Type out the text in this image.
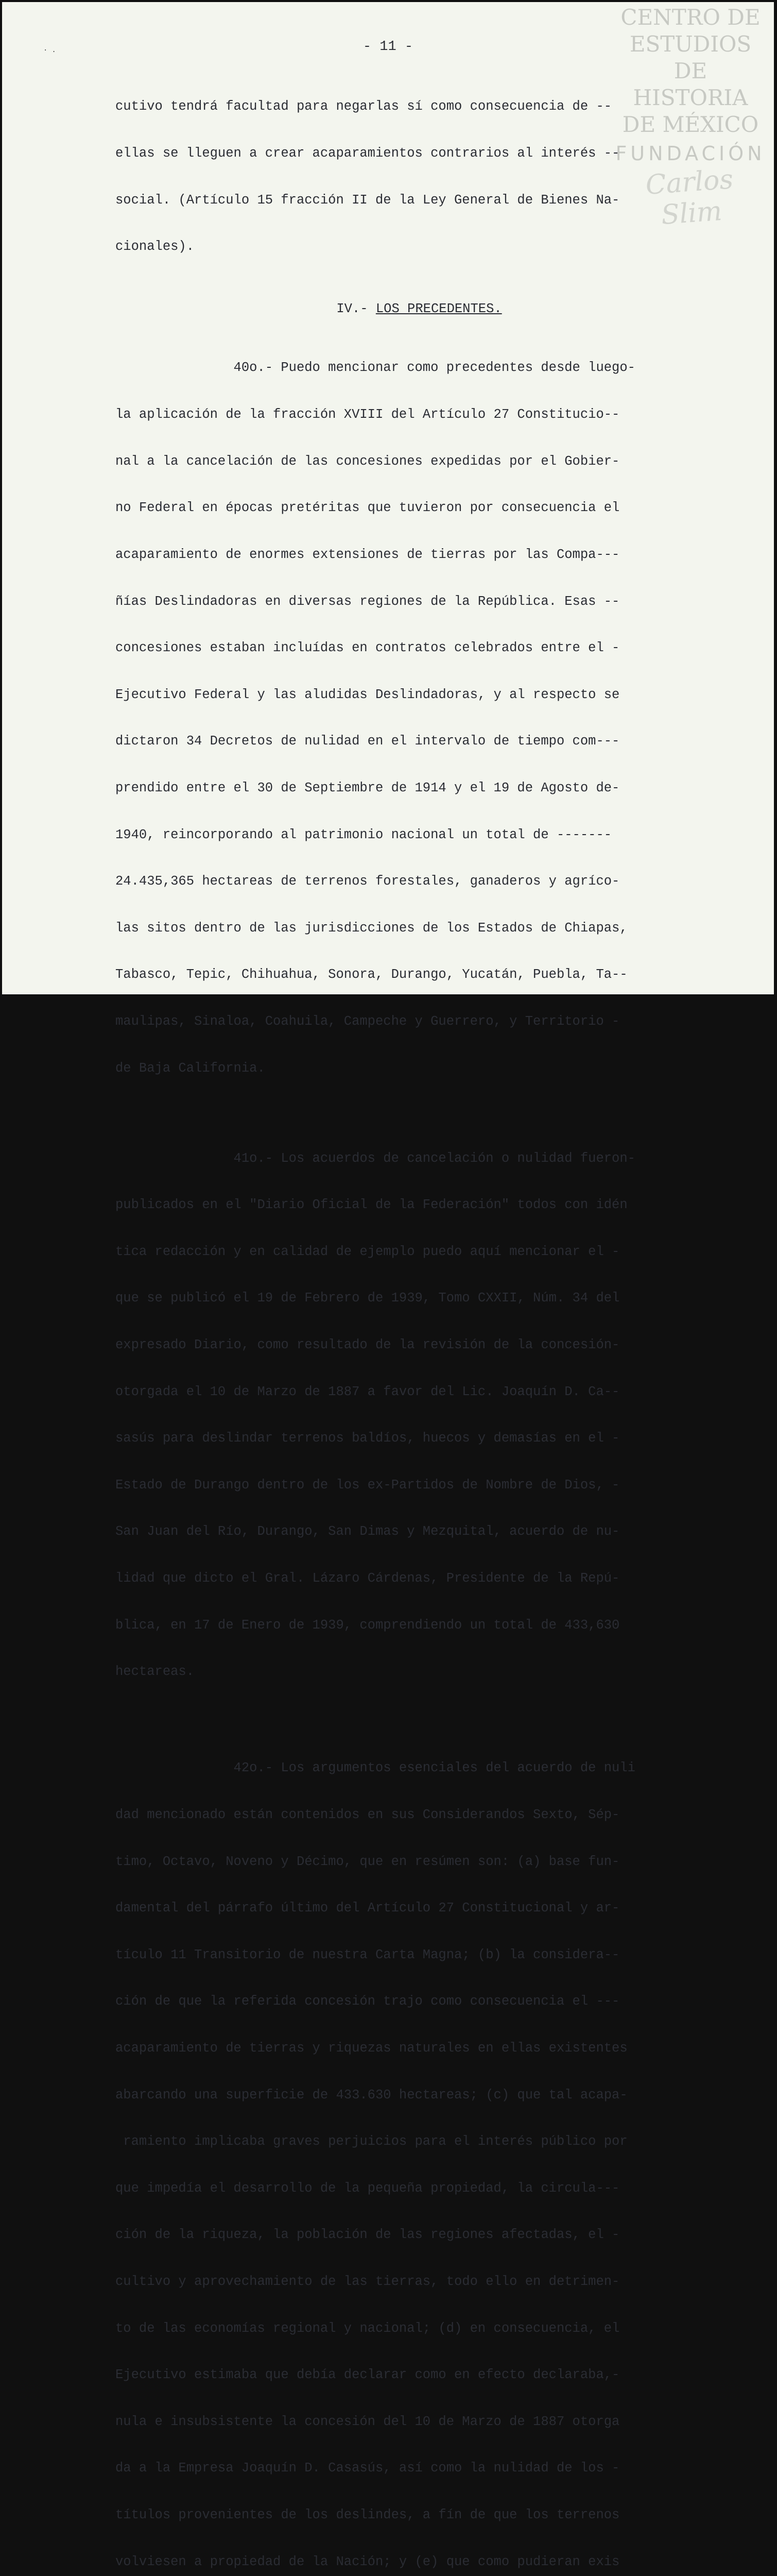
CENTRO DE
ESTUDIOS
DE HISTORIA
DE MÉXICO
FUNDACIÓN
Carlos Slim
·.	- 11 -

cutivo tendrá facultad para negarlas sí como consecuencia de --

ellas se lleguen a crear acaparamientos contrarios al interés --

social. (Artículo 15 fracción II de la Ley General de Bienes Na-

cionales).

IV.- LOS PRECEDENTES.

40o.- Puedo mencionar como precedentes desde luego-

la aplicación de la fracción XVIII del Artículo 27 Constitucio--

nal a la cancelación de las concesiones expedidas por el Gobier-

no Federal en épocas pretéritas que tuvieron por consecuencia el

acaparamiento de enormes extensiones de tierras por las Compa---

ñías Deslindadoras en diversas regiones de la República. Esas --

concesiones estaban incluídas en contratos celebrados entre el -

Ejecutivo Federal y las aludidas Deslindadoras, y al respecto se

dictaron 34 Decretos de nulidad en el intervalo de tiempo com---

prendido entre el 30 de Septiembre de 1914 y el 19 de Agosto de-

1940, reincorporando al patrimonio nacional un total de -------

24.435,365 hectareas de terrenos forestales, ganaderos y agríco-

las sitos dentro de las jurisdicciones de los Estados de Chiapas,

Tabasco, Tepic, Chihuahua, Sonora, Durango, Yucatán, Puebla, Ta--

maulipas, Sinaloa, Coahuila, Campeche y Guerrero, y Territorio -

de Baja California.

41o.- Los acuerdos de cancelación o nulidad fueron-

publicados en el "Diario Oficial de la Federación" todos con idén

tica redacción y en calidad de ejemplo puedo aquí mencionar el -

que se publicó el 19 de Febrero de 1939, Tomo CXXII, Núm. 34 del

expresado Diario, como resultado de la revisión de la concesión-

otorgada el 10 de Marzo de 1887 a favor del Lic. Joaquín D. Ca--

sasús para deslindar terrenos baldíos, huecos y demasías en el -

Estado de Durango dentro de los ex-Partidos de Nombre de Dios, -

San Juan del Río, Durango, San Dimas y Mezquital, acuerdo de nu-

lidad que dicto el Gral. Lázaro Cárdenas, Presidente de la Repú-

blica, en 17 de Enero de 1939, comprendiendo un total de 433,630

hectareas.

42o.- Los argumentos esenciales del acuerdo de nuli

dad mencionado están contenidos en sus Considerandos Sexto, Sép-

timo, Octavo, Noveno y Décimo, que en resúmen son: (a) base fun-

damental del párrafo último del Artículo 27 Constitucional y ar-

tículo 11 Transitorio de nuestra Carta Magna; (b) la considera--

ción de que la referida concesión trajo como consecuencia el ---

acaparamiento de tierras y riquezas naturales en ellas existentes

abarcando una superficie de 433.630 hectareas; (c) que tal acapa-

ramiento implicaba graves perjuicios para el interés público por

que impedía el desarrollo de la pequeña propiedad, la circula---

ción de la riqueza, la población de las regiones afectadas, el -

cultivo y aprovechamiento de las tierras, todo ello en detrimen-

to de las economías regional y nacional; (d) en consecuencia, el

Ejecutivo estimaba que debía declarar como en efecto declaraba,-

nula e insubsistente la concesión del 10 de Marzo de 1887 otorga

da a la Empresa Joaquín D. Casasús, así como la nulidad de los -

títulos provenientes de los deslindes, a fín de que los terrenos

volviesen a propiedad de la Nación; y (e) que como pudieran exis
